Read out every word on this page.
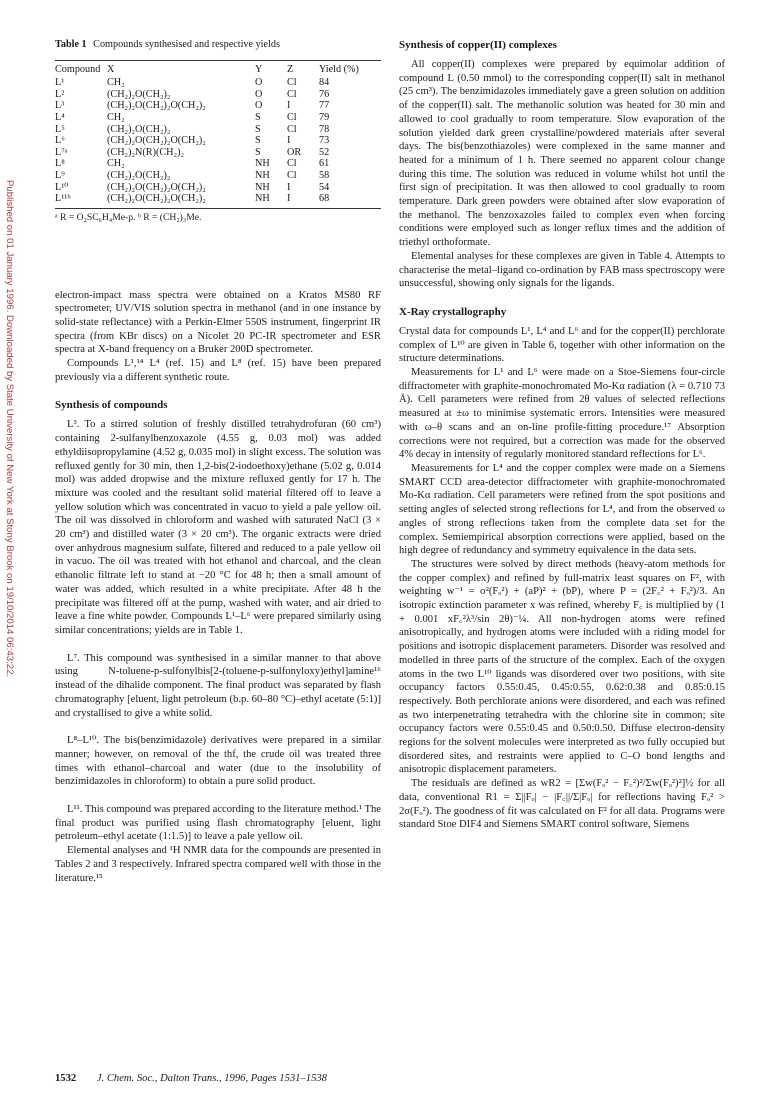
Published on 01 January 1996. Downloaded by State University of New York at Stony Brook on 19/10/2014 06:43:22.
Table 1 Compounds synthesised and respective yields
Compound	X	Y	Z	Yield (%)
L¹	CH₂	O	Cl	84
L²	(CH₂)₂O(CH₂)₂	O	Cl	76
L³	(CH₂)₂O(CH₂)₂O(CH₂)₂	O	I	77
L⁴	CH₂	S	Cl	79
L⁵	(CH₂)₂O(CH₂)₂	S	Cl	78
L⁶	(CH₂)₂O(CH₂)₂O(CH₂)₂	S	I	73
L⁷ᵃ	(CH₂)₂N(R)(CH₂)₂	S	OR	52
L⁸	CH₂	NH	Cl	61
L⁹	(CH₂)₂O(CH₂)₂	NH	Cl	58
L¹⁰	(CH₂)₂O(CH₂)₂O(CH₂)₂	NH	I	54
L¹¹ᵇ	(CH₂)₂O(CH₂)₂O(CH₂)₂	NH	I	68
ᵃ R = O₂SC₆H₄Me-p. ᵇ R = (CH₂)₃Me.

electron-impact mass spectra were obtained on a Kratos MS80 RF spectrometer, UV/VIS solution spectra in methanol (and in one instance by solid-state reflectance) with a Perkin-Elmer 550S instrument, fingerprint IR spectra (from KBr discs) on a Nicolet 20 PC-IR spectrometer and ESR spectra at X-band frequency on a Bruker 200D spectrometer.

Compounds L¹,¹⁴ L⁴ (ref. 15) and L⁸ (ref. 15) have been prepared previously via a different synthetic route.

Synthesis of compounds

L³. To a stirred solution of freshly distilled tetrahydrofuran (60 cm³) containing 2-sulfanylbenzoxazole (4.55 g, 0.03 mol) was added ethyldiisopropylamine (4.52 g, 0.035 mol) in slight excess. The solution was refluxed gently for 30 min, then 1,2-bis(2-iodoethoxy)ethane (5.02 g, 0.014 mol) was added dropwise and the mixture refluxed gently for 17 h. The mixture was cooled and the resultant solid material filtered off to leave a yellow solution which was concentrated in vacuo to yield a pale yellow oil. The oil was dissolved in chloroform and washed with saturated NaCl (3 × 20 cm³) and distilled water (3 × 20 cm³). The organic extracts were dried over anhydrous magnesium sulfate, filtered and reduced to a pale yellow oil in vacuo. The oil was treated with hot ethanol and charcoal, and the clean ethanolic filtrate left to stand at −20 °C for 48 h; then a small amount of water was added, which resulted in a white precipitate. After 48 h the precipitate was filtered off at the pump, washed with water, and air dried to leave a fine white powder. Compounds L¹–L⁶ were prepared similarly using similar concentrations; yields are in Table 1.

L⁷. This compound was synthesised in a similar manner to that above using N-toluene-p-sulfonylbis[2-(toluene-p-sulfonyloxy)ethyl]amine¹⁶ instead of the dihalide component. The final product was separated by flash chromatography [eluent, light petroleum (b.p. 60–80 °C)–ethyl acetate (5:1)] and crystallised to give a white solid.

L⁸–L¹⁰. The bis(benzimidazole) derivatives were prepared in a similar manner; however, on removal of the thf, the crude oil was treated three times with ethanol–charcoal and water (due to the insolubility of benzimidazoles in chloroform) to obtain a pure solid product.

L¹¹. This compound was prepared according to the literature method.¹ The final product was purified using flash chromatography [eluent, light petroleum–ethyl acetate (1:1.5)] to leave a pale yellow oil.

Elemental analyses and ¹H NMR data for the compounds are presented in Tables 2 and 3 respectively. Infrared spectra compared well with those in the literature.¹⁵

Synthesis of copper(II) complexes

All copper(II) complexes were prepared by equimolar addition of compound L (0.50 mmol) to the corresponding copper(II) salt in methanol (25 cm³). The benzimidazoles immediately gave a green solution on addition of the copper(II) salt. The methanolic solution was heated for 30 min and allowed to cool gradually to room temperature. Slow evaporation of the solution yielded dark green crystalline/powdered materials after several days. The bis(benzothiazoles) were complexed in the same manner and heated for a minimum of 1 h. There seemed no apparent colour change during this time. The solution was reduced in volume whilst hot until the first sign of precipitation. It was then allowed to cool gradually to room temperature. Dark green powders were obtained after slow evaporation of the methanol. The benzoxazoles failed to complex even when forcing conditions were employed such as longer reflux times and the addition of triethyl orthoformate.

Elemental analyses for these complexes are given in Table 4. Attempts to characterise the metal–ligand co-ordination by FAB mass spectroscopy were unsuccessful, showing only signals for the ligands.

X-Ray crystallography

Crystal data for compounds L¹, L⁴ and L⁶ and for the copper(II) perchlorate complex of L¹⁰ are given in Table 6, together with other information on the structure determinations.

Measurements for L¹ and L⁶ were made on a Stoe-Siemens four-circle diffractometer with graphite-monochromated Mo-Kα radiation (λ = 0.710 73 Å). Cell parameters were refined from 2θ values of selected reflections measured at ±ω to minimise systematic errors. Intensities were measured with ω–θ scans and an on-line profile-fitting procedure.¹⁷ Absorption corrections were not required, but a correction was made for the observed 4% decay in intensity of regularly monitored standard reflections for L⁶.

Measurements for L⁴ and the copper complex were made on a Siemens SMART CCD area-detector diffractometer with graphite-monochromated Mo-Kα radiation. Cell parameters were refined from the spot positions and setting angles of selected strong reflections for L⁴, and from the observed ω angles of strong reflections taken from the complete data set for the complex. Semiempirical absorption corrections were applied, based on the high degree of redundancy and symmetry equivalence in the data sets.

The structures were solved by direct methods (heavy-atom methods for the copper complex) and refined by full-matrix least squares on F², with weighting w⁻¹ = σ²(Fₒ²) + (aP)² + (bP), where P = (2F꜀² + Fₒ²)/3. An isotropic extinction parameter x was refined, whereby F꜀ is multiplied by (1 + 0.001 xF꜀²λ³/sin 2θ)⁻¼. All non-hydrogen atoms were refined anisotropically, and hydrogen atoms were included with a riding model for positions and isotropic displacement parameters. Disorder was resolved and modelled in three parts of the structure of the complex. Each of the oxygen atoms in the two L¹⁰ ligands was disordered over two positions, with site occupancy factors 0.55:0.45, 0.45:0.55, 0.62:0.38 and 0.85:0.15 respectively. Both perchlorate anions were disordered, and each was refined as two interpenetrating tetrahedra with the chlorine site in common; site occupancy factors were 0.55:0.45 and 0.50:0.50. Diffuse electron-density regions for the solvent molecules were interpreted as two fully occupied but disordered sites, and restraints were applied to C–O bond lengths and anisotropic displacement parameters.

The residuals are defined as wR2 = [Σw(Fₒ² − F꜀²)²/Σw(Fₒ²)²]½ for all data, conventional R1 = Σ||Fₒ| − |F꜀||/Σ|Fₒ| for reflections having Fₒ² > 2σ(Fₒ²). The goodness of fit was calculated on F² for all data. Programs were standard Stoe DIF4 and Siemens SMART control software, Siemens

1532 J. Chem. Soc., Dalton Trans., 1996, Pages 1531–1538
